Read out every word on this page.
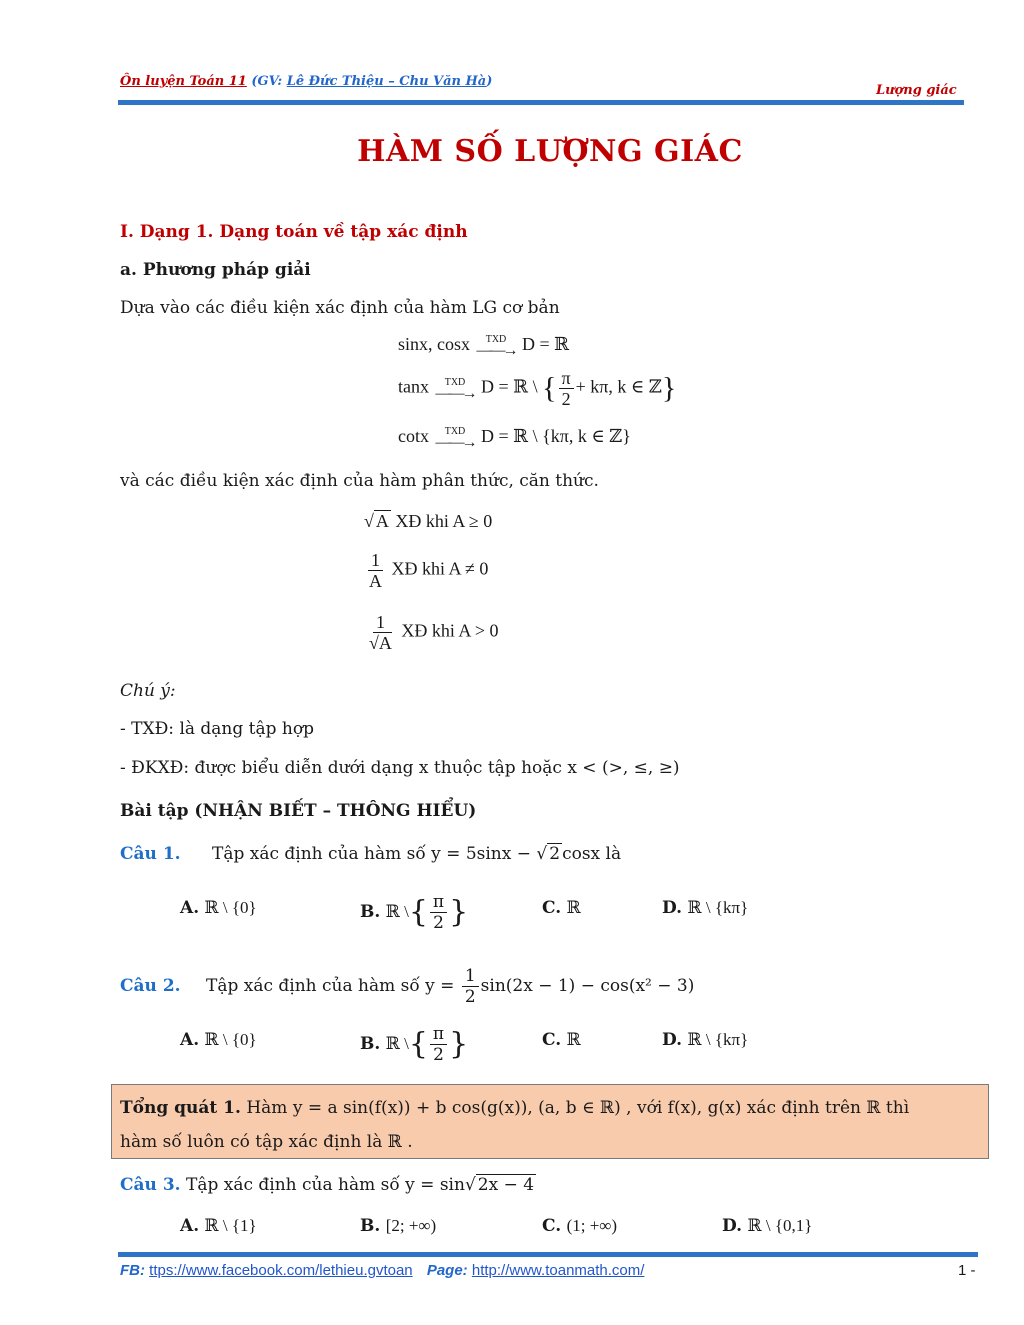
Ôn luyện Toán 11 (GV: Lê Đức Thiệu – Chu Văn Hà)
Lượng giác
HÀM SỐ LƯỢNG GIÁC
I. Dạng 1. Dạng toán về tập xác định
a. Phương pháp giải
Dựa vào các điều kiện xác định của hàm LG cơ bản
sinx, cosx TXD
——→ D = ℝ
tanx TXD
——→ D = ℝ \ { $\frac{\pi}{2} + k\pi$, k ∈ ℤ}
cotx TXD
——→ D = ℝ \ {kπ, k ∈ ℤ}
và các điều kiện xác định của hàm phân thức, căn thức.
√ A XĐ khi A ≥ 0
$\frac{1}{A}$ XĐ khi A ≠ 0
$\frac{1}{√A}$ XĐ khi A > 0
Chú ý:
- TXĐ: là dạng tập hợp
- ĐKXĐ: được biểu diễn dưới dạng x thuộc tập hoặc x < (>, ≤, ≥)
Bài tập (NHẬN BIẾT – THÔNG HIỂU)
Câu 1. Tập xác định của hàm số y = 5sinx − √ 2 cosx là
A. ℝ \ {0}	B. ℝ \{ $\frac{\pi}{2}$ }	C. ℝ	D. ℝ \ {kπ}
Câu 2. Tập xác định của hàm số $y = \frac{1}{2} \sin(2x - 1) - \cos(x^2 - 3)$
A. ℝ \ {0}	B. ℝ \{ $\frac{\pi}{2}$ }	C. ℝ	D. ℝ \ {kπ}
Tổng quát 1. Hàm y = a sin(f(x)) + b cos(g(x)), (a, b ∈ ℝ) , với f(x), g(x) xác định trên ℝ thì
hàm số luôn có tập xác định là ℝ .
Câu 3. Tập xác định của hàm số y = sin√ 2x − 4
A. ℝ \ {1}	B. [2; +∞)	C. (1; +∞)	D. ℝ \ {0,1}
FB: ttps://www.facebook.com/lethieu.gvtoan Page: http://www.toanmath.com/	1 -
